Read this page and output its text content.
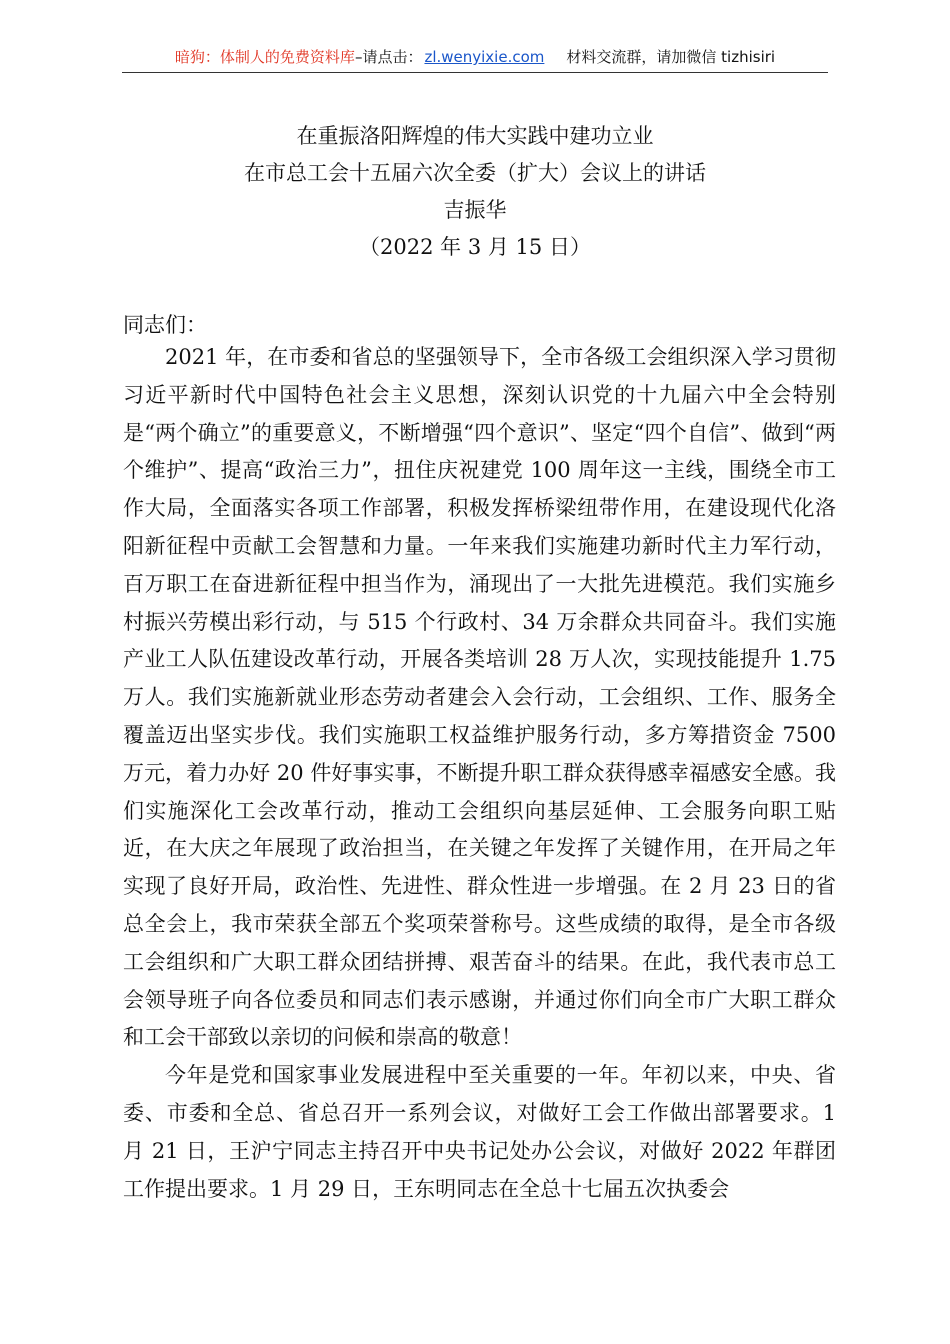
暗狗：体制人的免费资料库–请点击： zl.wenyixie.com 材料交流群，请加微信 tizhisiri
在重振洛阳辉煌的伟大实践中建功立业
在市总工会十五届六次全委（扩大）会议上的讲话
吉振华
（2022 年 3 月 15 日）
同志们：

2021 年，在市委和省总的坚强领导下，全市各级工会组织深入学习贯彻习近平新时代中国特色社会主义思想，深刻认识党的十九届六中全会特别是“两个确立”的重要意义，不断增强“四个意识”、坚定“四个自信”、做到“两个维护”、提高“政治三力”，扭住庆祝建党 100 周年这一主线，围绕全市工作大局，全面落实各项工作部署，积极发挥桥梁纽带作用，在建设现代化洛阳新征程中贡献工会智慧和力量。一年来我们实施建功新时代主力军行动，百万职工在奋进新征程中担当作为，涌现出了一大批先进模范。我们实施乡村振兴劳模出彩行动，与 515 个行政村、34 万余群众共同奋斗。我们实施产业工人队伍建设改革行动，开展各类培训 28 万人次，实现技能提升 1.75 万人。我们实施新就业形态劳动者建会入会行动，工会组织、工作、服务全覆盖迈出坚实步伐。我们实施职工权益维护服务行动，多方筹措资金 7500 万元，着力办好 20 件好事实事，不断提升职工群众获得感幸福感安全感。我们实施深化工会改革行动，推动工会组织向基层延伸、工会服务向职工贴近，在大庆之年展现了政治担当，在关键之年发挥了关键作用，在开局之年实现了良好开局，政治性、先进性、群众性进一步增强。在 2 月 23 日的省总全会上，我市荣获全部五个奖项荣誉称号。这些成绩的取得，是全市各级工会组织和广大职工群众团结拼搏、艰苦奋斗的结果。在此，我代表市总工会领导班子向各位委员和同志们表示感谢，并通过你们向全市广大职工群众和工会干部致以亲切的问候和崇高的敬意！

今年是党和国家事业发展进程中至关重要的一年。年初以来，中央、省委、市委和全总、省总召开一系列会议，对做好工会工作做出部署要求。1 月 21 日，王沪宁同志主持召开中央书记处办公会议，对做好 2022 年群团工作提出要求。1 月 29 日，王东明同志在全总十七届五次执委会
